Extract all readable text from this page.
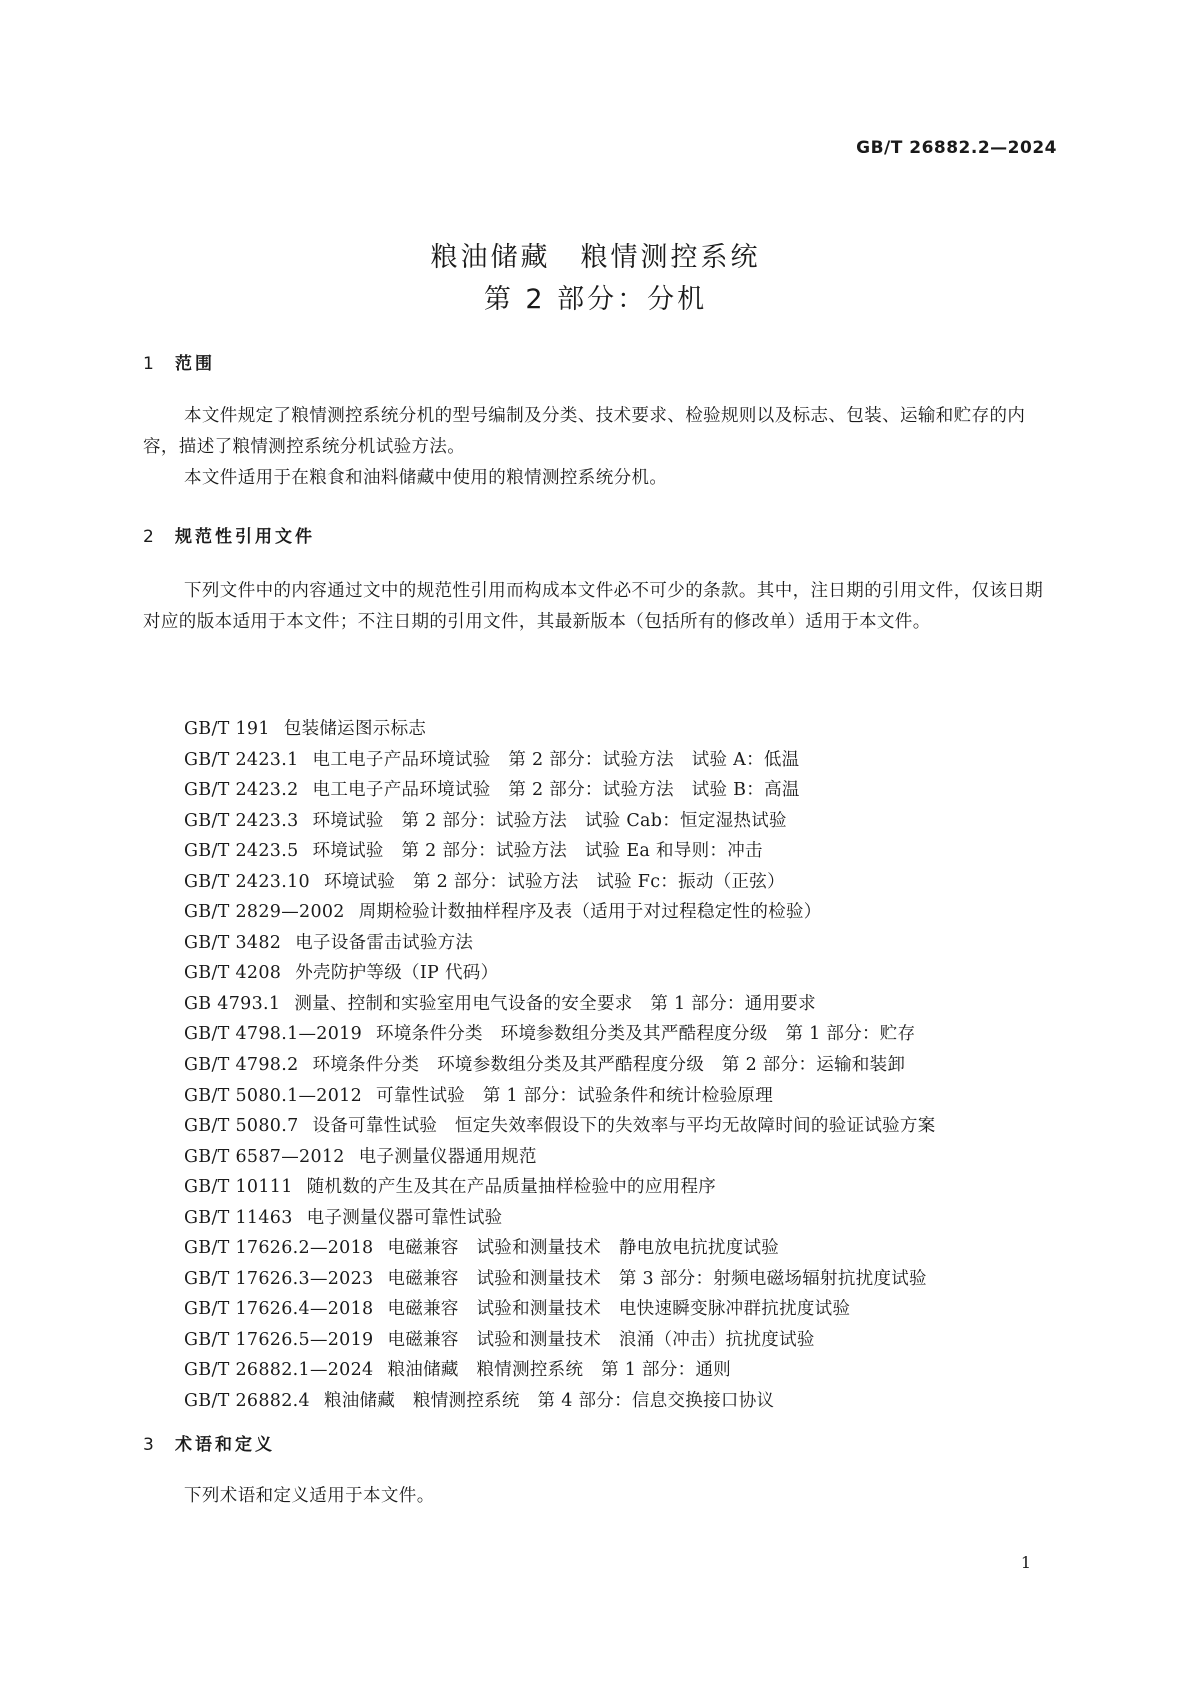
GB/T 26882.2—2024
粮油储藏　粮情测控系统
第 2 部分：分机
1 范围

本文件规定了粮情测控系统分机的型号编制及分类、技术要求、检验规则以及标志、包装、运输和贮存的内容，描述了粮情测控系统分机试验方法。

本文件适用于在粮食和油料储藏中使用的粮情测控系统分机。

2 规范性引用文件

下列文件中的内容通过文中的规范性引用而构成本文件必不可少的条款。其中，注日期的引用文件，仅该日期对应的版本适用于本文件；不注日期的引用文件，其最新版本（包括所有的修改单）适用于本文件。

GB/T 191 包装储运图示标志
GB/T 2423.1 电工电子产品环境试验　第 2 部分：试验方法　试验 A：低温
GB/T 2423.2 电工电子产品环境试验　第 2 部分：试验方法　试验 B：高温
GB/T 2423.3 环境试验　第 2 部分：试验方法　试验 Cab：恒定湿热试验
GB/T 2423.5 环境试验　第 2 部分：试验方法　试验 Ea 和导则：冲击
GB/T 2423.10 环境试验　第 2 部分：试验方法　试验 Fc：振动（正弦）
GB/T 2829—2002 周期检验计数抽样程序及表（适用于对过程稳定性的检验）
GB/T 3482 电子设备雷击试验方法
GB/T 4208 外壳防护等级（IP 代码）
GB 4793.1 测量、控制和实验室用电气设备的安全要求　第 1 部分：通用要求
GB/T 4798.1—2019 环境条件分类　环境参数组分类及其严酷程度分级　第 1 部分：贮存
GB/T 4798.2 环境条件分类　环境参数组分类及其严酷程度分级　第 2 部分：运输和装卸
GB/T 5080.1—2012 可靠性试验　第 1 部分：试验条件和统计检验原理
GB/T 5080.7 设备可靠性试验　恒定失效率假设下的失效率与平均无故障时间的验证试验方案
GB/T 6587—2012 电子测量仪器通用规范
GB/T 10111 随机数的产生及其在产品质量抽样检验中的应用程序
GB/T 11463 电子测量仪器可靠性试验
GB/T 17626.2—2018 电磁兼容　试验和测量技术　静电放电抗扰度试验
GB/T 17626.3—2023 电磁兼容　试验和测量技术　第 3 部分：射频电磁场辐射抗扰度试验
GB/T 17626.4—2018 电磁兼容　试验和测量技术　电快速瞬变脉冲群抗扰度试验
GB/T 17626.5—2019 电磁兼容　试验和测量技术　浪涌（冲击）抗扰度试验
GB/T 26882.1—2024 粮油储藏　粮情测控系统　第 1 部分：通则
GB/T 26882.4 粮油储藏　粮情测控系统　第 4 部分：信息交换接口协议
3 术语和定义

下列术语和定义适用于本文件。

1
